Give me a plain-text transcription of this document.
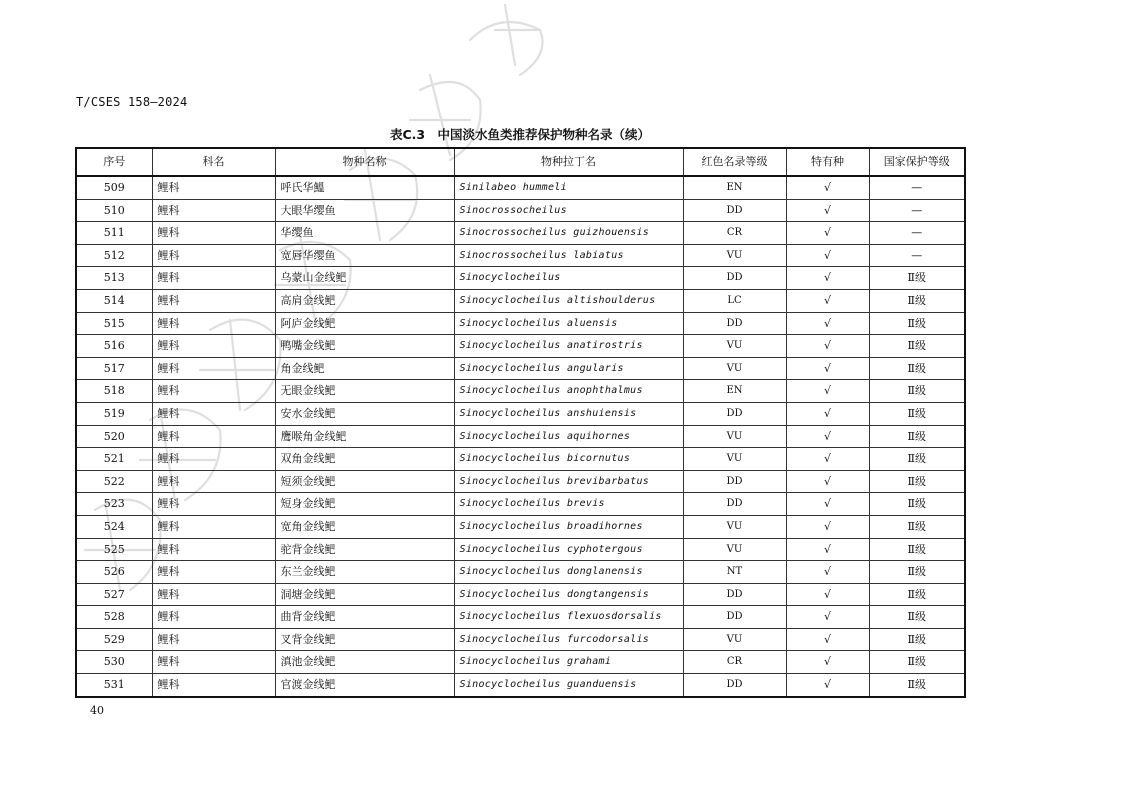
T/CSES 158—2024
表C.3　中国淡水鱼类推荐保护物种名录（续）
序号	科名	物种名称	物种拉丁名	红色名录等级	特有种	国家保护等级
509	鲤科	呼氏华鰮	Sinilabeo hummeli	EN	√	—
510	鲤科	大眼华缨鱼	Sinocrossocheilus	DD	√	—
511	鲤科	华缨鱼	Sinocrossocheilus guizhouensis	CR	√	—
512	鲤科	宽唇华缨鱼	Sinocrossocheilus labiatus	VU	√	—
513	鲤科	乌蒙山金线鲃	Sinocyclocheilus	DD	√	Ⅱ级
514	鲤科	高肩金线鲃	Sinocyclocheilus altishoulderus	LC	√	Ⅱ级
515	鲤科	阿庐金线鲃	Sinocyclocheilus aluensis	DD	√	Ⅱ级
516	鲤科	鸭嘴金线鲃	Sinocyclocheilus anatirostris	VU	√	Ⅱ级
517	鲤科	角金线鲃	Sinocyclocheilus angularis	VU	√	Ⅱ级
518	鲤科	无眼金线鲃	Sinocyclocheilus anophthalmus	EN	√	Ⅱ级
519	鲤科	安水金线鲃	Sinocyclocheilus anshuiensis	DD	√	Ⅱ级
520	鲤科	鹰喉角金线鲃	Sinocyclocheilus aquihornes	VU	√	Ⅱ级
521	鲤科	双角金线鲃	Sinocyclocheilus bicornutus	VU	√	Ⅱ级
522	鲤科	短须金线鲃	Sinocyclocheilus brevibarbatus	DD	√	Ⅱ级
523	鲤科	短身金线鲃	Sinocyclocheilus brevis	DD	√	Ⅱ级
524	鲤科	宽角金线鲃	Sinocyclocheilus broadihornes	VU	√	Ⅱ级
525	鲤科	驼背金线鲃	Sinocyclocheilus cyphotergous	VU	√	Ⅱ级
526	鲤科	东兰金线鲃	Sinocyclocheilus donglanensis	NT	√	Ⅱ级
527	鲤科	洞塘金线鲃	Sinocyclocheilus dongtangensis	DD	√	Ⅱ级
528	鲤科	曲背金线鲃	Sinocyclocheilus flexuosdorsalis	DD	√	Ⅱ级
529	鲤科	叉背金线鲃	Sinocyclocheilus furcodorsalis	VU	√	Ⅱ级
530	鲤科	滇池金线鲃	Sinocyclocheilus grahami	CR	√	Ⅱ级
531	鲤科	官渡金线鲃	Sinocyclocheilus guanduensis	DD	√	Ⅱ级
40
